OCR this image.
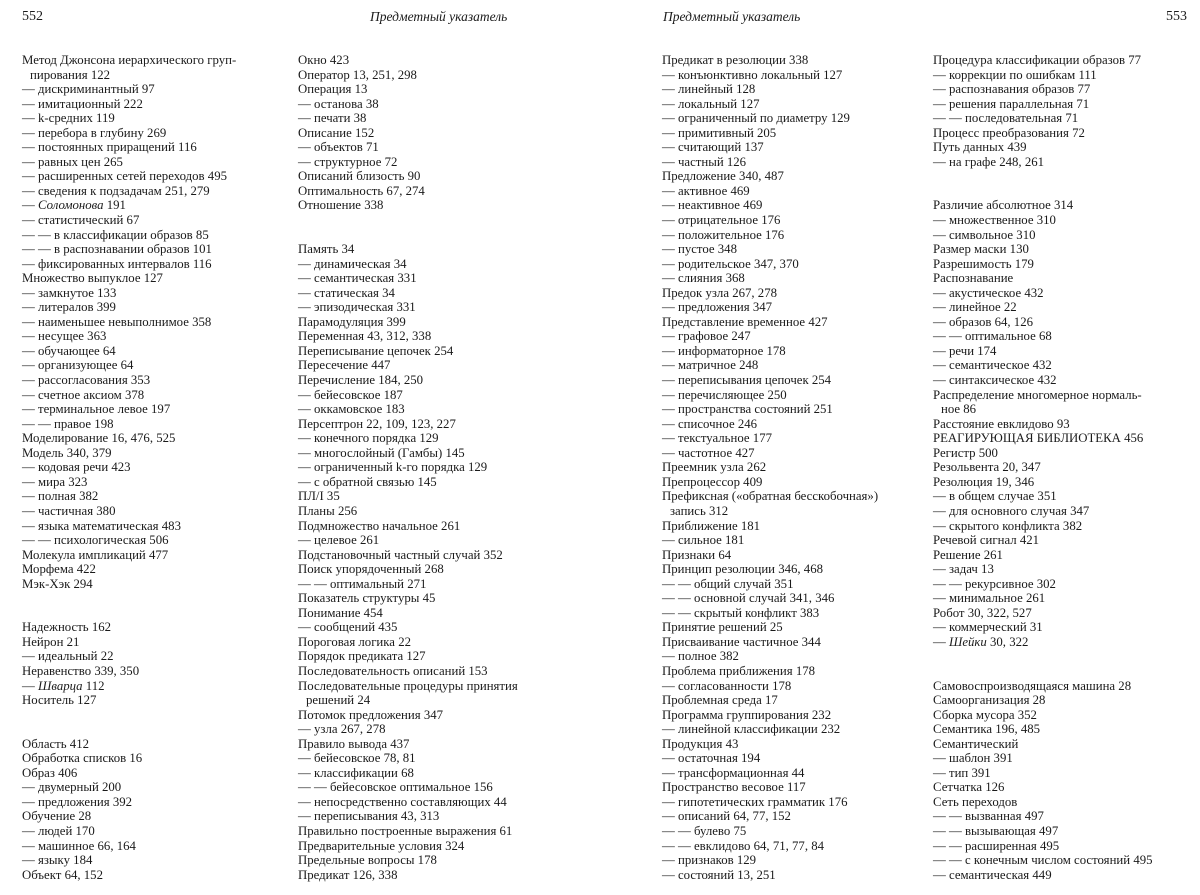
552	Предметный указатель
Метод Джонсона иерархического груп-
пирования 122
— дискриминантный 97
— имитационный 222
— k-средних 119
— перебора в глубину 269
— постоянных приращений 116
— равных цен 265
— расширенных сетей переходов 495
— сведения к подзадачам 251, 279
— Соломонова 191
— статистический 67
— — в классификации образов 85
— — в распознавании образов 101
— фиксированных интервалов 116
Множество выпуклое 127
— замкнутое 133
— литералов 399
— наименьшее невыполнимое 358
— несущее 363
— обучающее 64
— организующее 64
— рассогласования 353
— счетное аксиом 378
— терминальное левое 197
— — правое 198
Моделирование 16, 476, 525
Модель 340, 379
— кодовая речи 423
— мира 323
— полная 382
— частичная 380
— языка математическая 483
— — психологическая 506
Молекула импликаций 477
Морфема 422
Мэк-Хэк 294
Надежность 162
Нейрон 21
— идеальный 22
Неравенство 339, 350
— Шварца 112
Носитель 127
Область 412
Обработка списков 16
Образ 406
— двумерный 200
— предложения 392
Обучение 28
— людей 170
— машинное 66, 164
— языку 184
Объект 64, 152
Окно 423
Оператор 13, 251, 298
Операция 13
— останова 38
— печати 38
Описание 152
— объектов 71
— структурное 72
Описаний близость 90
Оптимальность 67, 274
Отношение 338
Память 34
— динамическая 34
— семантическая 331
— статическая 34
— эпизодическая 331
Парамодуляция 399
Переменная 43, 312, 338
Переписывание цепочек 254
Пересечение 447
Перечисление 184, 250
— бейесовское 187
— оккамовское 183
Персептрон 22, 109, 123, 227
— конечного порядка 129
— многослойный (Гамбы) 145
— ограниченный k-го порядка 129
— с обратной связью 145
ПЛ/I 35
Планы 256
Подмножество начальное 261
— целевое 261
Подстановочный частный случай 352
Поиск упорядоченный 268
— — оптимальный 271
Показатель структуры 45
Понимание 454
— сообщений 435
Пороговая логика 22
Порядок предиката 127
Последовательность описаний 153
Последовательные процедуры принятия
решений 24
Потомок предложения 347
— узла 267, 278
Правило вывода 437
— бейесовское 78, 81
— классификации 68
— — бейесовское оптимальное 156
— непосредственно составляющих 44
— переписывания 43, 313
Правильно построенные выражения 61
Предварительные условия 324
Предельные вопросы 178
Предикат 126, 338
Предметный указатель	553
Предикат в резолюции 338
— конъюнктивно локальный 127
— линейный 128
— локальный 127
— ограниченный по диаметру 129
— примитивный 205
— считающий 137
— частный 126
Предложение 340, 487
— активное 469
— неактивное 469
— отрицательное 176
— положительное 176
— пустое 348
— родительское 347, 370
— слияния 368
Предок узла 267, 278
— предложения 347
Представление временное 427
— графовое 247
— информаторное 178
— матричное 248
— переписывания цепочек 254
— перечисляющее 250
— пространства состояний 251
— списочное 246
— текстуальное 177
— частотное 427
Преемник узла 262
Препроцессор 409
Префиксная («обратная бесскобочная»)
запись 312
Приближение 181
— сильное 181
Признаки 64
Принцип резолюции 346, 468
— — общий случай 351
— — основной случай 341, 346
— — скрытый конфликт 383
Принятие решений 25
Присваивание частичное 344
— полное 382
Проблема приближения 178
— согласованности 178
Проблемная среда 17
Программа группирования 232
— линейной классификации 232
Продукция 43
— остаточная 194
— трансформационная 44
Пространство весовое 117
— гипотетических грамматик 176
— описаний 64, 77, 152
— — булево 75
— — евклидово 64, 71, 77, 84
— признаков 129
— состояний 13, 251
Процедура классификации образов 77
— коррекции по ошибкам 111
— распознавания образов 77
— решения параллельная 71
— — последовательная 71
Процесс преобразования 72
Путь данных 439
— на графе 248, 261
Различие абсолютное 314
— множественное 310
— символьное 310
Размер маски 130
Разрешимость 179
Распознавание
— акустическое 432
— линейное 22
— образов 64, 126
— — оптимальное 68
— речи 174
— семантическое 432
— синтаксическое 432
Распределение многомерное нормаль-
ное 86
Расстояние евклидово 93
РЕАГИРУЮЩАЯ БИБЛИОТЕКА 456
Регистр 500
Резольвента 20, 347
Резолюция 19, 346
— в общем случае 351
— для основного случая 347
— скрытого конфликта 382
Речевой сигнал 421
Решение 261
— задач 13
— — рекурсивное 302
— минимальное 261
Робот 30, 322, 527
— коммерческий 31
— Шейки 30, 322
Самовоспроизводящаяся машина 28
Самоорганизация 28
Сборка мусора 352
Семантика 196, 485
Семантический
— шаблон 391
— тип 391
Сетчатка 126
Сеть переходов
— — вызванная 497
— — вызывающая 497
— — расширенная 495
— — с конечным числом состояний 495
— семантическая 449
